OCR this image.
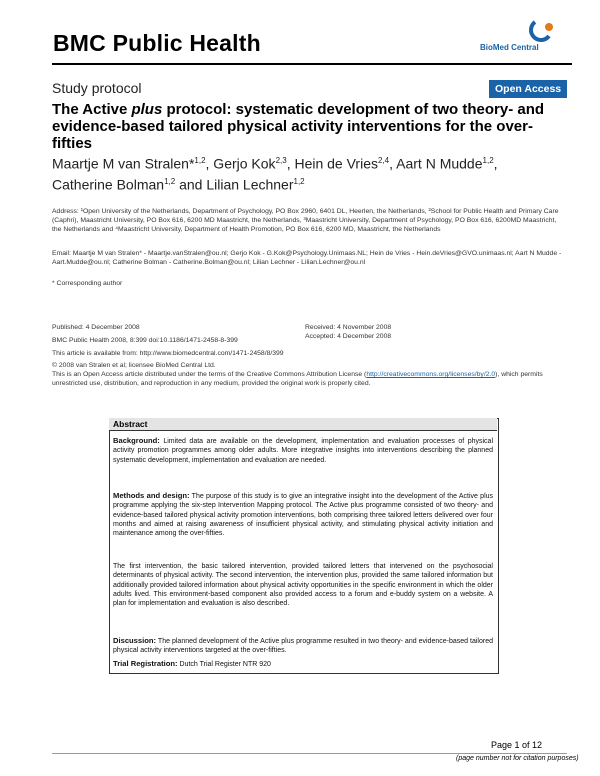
BMC Public Health	BioMed Central
Study protocol	Open Access
The Active plus protocol: systematic development of two theory- and evidence-based tailored physical activity interventions for the over-fifties
Maartje M van Stralen*$^{1,2}$, Gerjo Kok$^{2,3}$, Hein de Vries$^{2,4}$, Aart N Mudde$^{1,2}$,
Catherine Bolman$^{1,2}$ and Lilian Lechner$^{1,2}$
Address: ¹Open University of the Netherlands, Department of Psychology, PO Box 2960, 6401 DL, Heerlen, the Netherlands, ²School for Public Health and Primary Care (Caphri), Maastricht University, PO Box 616, 6200 MD Maastricht, the Netherlands, ³Maastricht University, Department of Psychology, PO Box 616, 6200MD Maastricht, the Netherlands and ⁴Maastricht University, Department of Health Promotion, PO Box 616, 6200 MD, Maastricht, the Netherlands
Email: Maartje M van Stralen* - Maartje.vanStralen@ou.nl; Gerjo Kok - G.Kok@Psychology.Unimaas.NL; Hein de Vries - Hein.deVries@GVO.unimaas.nl; Aart N Mudde - Aart.Mudde@ou.nl; Catherine Bolman - Catherine.Bolman@ou.nl; Lilian Lechner - Lilian.Lechner@ou.nl
* Corresponding author
Published: 4 December 2008
BMC Public Health 2008, 8:399 doi:10.1186/1471-2458-8-399
Received: 4 November 2008
Accepted: 4 December 2008
This article is available from: http://www.biomedcentral.com/1471-2458/8/399
© 2008 van Stralen et al; licensee BioMed Central Ltd.
This is an Open Access article distributed under the terms of the Creative Commons Attribution License (http://creativecommons.org/licenses/by/2.0), which permits unrestricted use, distribution, and reproduction in any medium, provided the original work is properly cited.
Abstract
Background: Limited data are available on the development, implementation and evaluation processes of physical activity promotion programmes among older adults. More integrative insights into interventions describing the planned systematic development, implementation and evaluation are needed.
Methods and design: The purpose of this study is to give an integrative insight into the development of the Active plus programme applying the six-step Intervention Mapping protocol. The Active plus programme consisted of two theory- and evidence-based tailored physical activity promotion interventions, both comprising three tailored letters delivered over four months and aimed at raising awareness of insufficient physical activity, and stimulating physical activity initiation and maintenance among the over-fifties.
The first intervention, the basic tailored intervention, provided tailored letters that intervened on the psychosocial determinants of physical activity. The second intervention, the intervention plus, provided the same tailored information but additionally provided tailored information about physical activity opportunities in the specific environment in which the older adults lived. This environment-based component also provided access to a forum and e-buddy system on a website. A plan for implementation and evaluation is also described.
Discussion: The planned development of the Active plus programme resulted in two theory- and evidence-based tailored physical activity interventions targeted at the over-fifties.
Trial Registration: Dutch Trial Register NTR 920
Page 1 of 12
(page number not for citation purposes)
